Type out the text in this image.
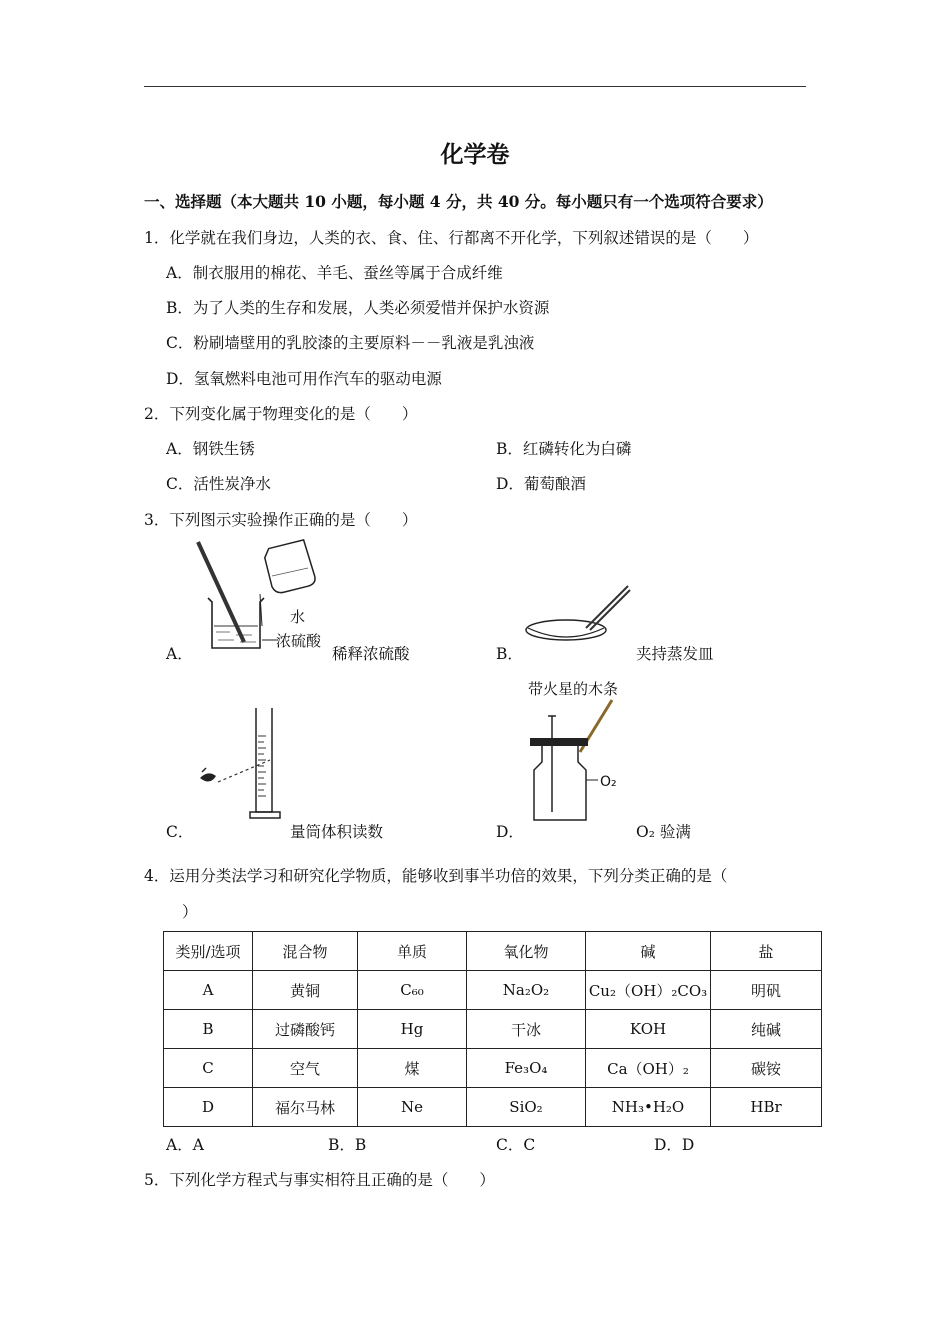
化学卷
一、选择题（本大题共 10 小题，每小题 4 分，共 40 分。每小题只有一个选项符合要求）
1．化学就在我们身边，人类的衣、食、住、行都离不开化学，下列叙述错误的是（　　）
A．制衣服用的棉花、羊毛、蚕丝等属于合成纤维
B．为了人类的生存和发展，人类必须爱惜并保护水资源
C．粉刷墙壁用的乳胶漆的主要原料－－乳液是乳浊液
D．氢氧燃料电池可用作汽车的驱动电源
2．下列变化属于物理变化的是（　　）
A．钢铁生锈	B．红磷转化为白磷
C．活性炭净水	D．葡萄酿酒
3．下列图示实验操作正确的是（　　）
水
浓硫酸
A．	稀释浓硫酸	B．	夹持蒸发皿
C．	量筒体积读数
带火星的木条
O₂
D．	O₂ 验满
4．运用分类法学习和研究化学物质，能够收到事半功倍的效果，下列分类正确的是（
）
类别/选项	混合物	单质	氧化物	碱	盐
A	黄铜	C₆₀	Na₂O₂	Cu₂（OH）₂CO₃	明矾
B	过磷酸钙	Hg	干冰	KOH	纯碱
C	空气	煤	Fe₃O₄	Ca（OH）₂	碳铵
D	福尔马林	Ne	SiO₂	NH₃•H₂O	HBr
A．A	B．B	C．C	D．D
5．下列化学方程式与事实相符且正确的是（　　）
